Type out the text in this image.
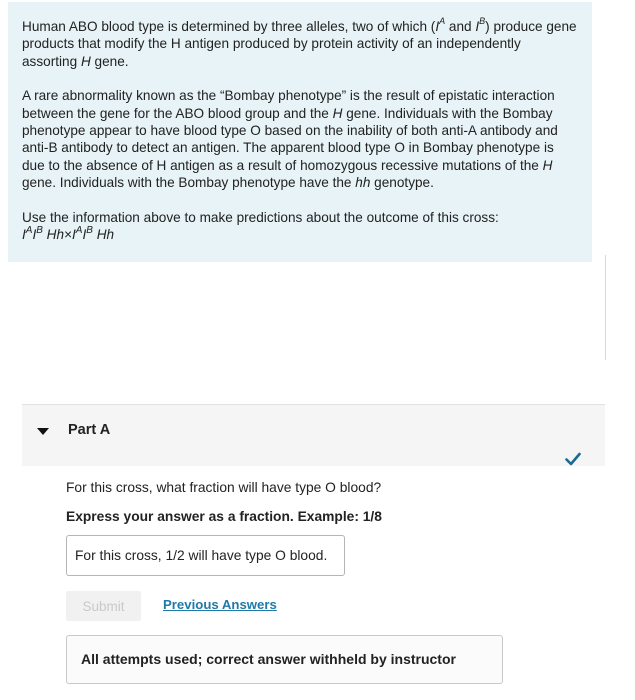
Human ABO blood type is determined by three alleles, two of which ($I^A$ and $I^B$) produce gene products that modify the H antigen produced by protein activity of an independently assorting H gene.

A rare abnormality known as the “Bombay phenotype” is the result of epistatic interaction between the gene for the ABO blood group and the H gene. Individuals with the Bombay phenotype appear to have blood type O based on the inability of both anti-A antibody and anti-B antibody to detect an antigen. The apparent blood type O in Bombay phenotype is due to the absence of H antigen as a result of homozygous recessive mutations of the H gene. Individuals with the Bombay phenotype have the hh genotype.

Use the information above to make predictions about the outcome of this cross:

$I^AI^B$ $Hh\times I^AI^B$ Hh

Part A
For this cross, what fraction will have type O blood?
Express your answer as a fraction. Example: 1/8
For this cross, 1/2 will have type O blood.
Submit	Previous Answers
All attempts used; correct answer withheld by instructor
